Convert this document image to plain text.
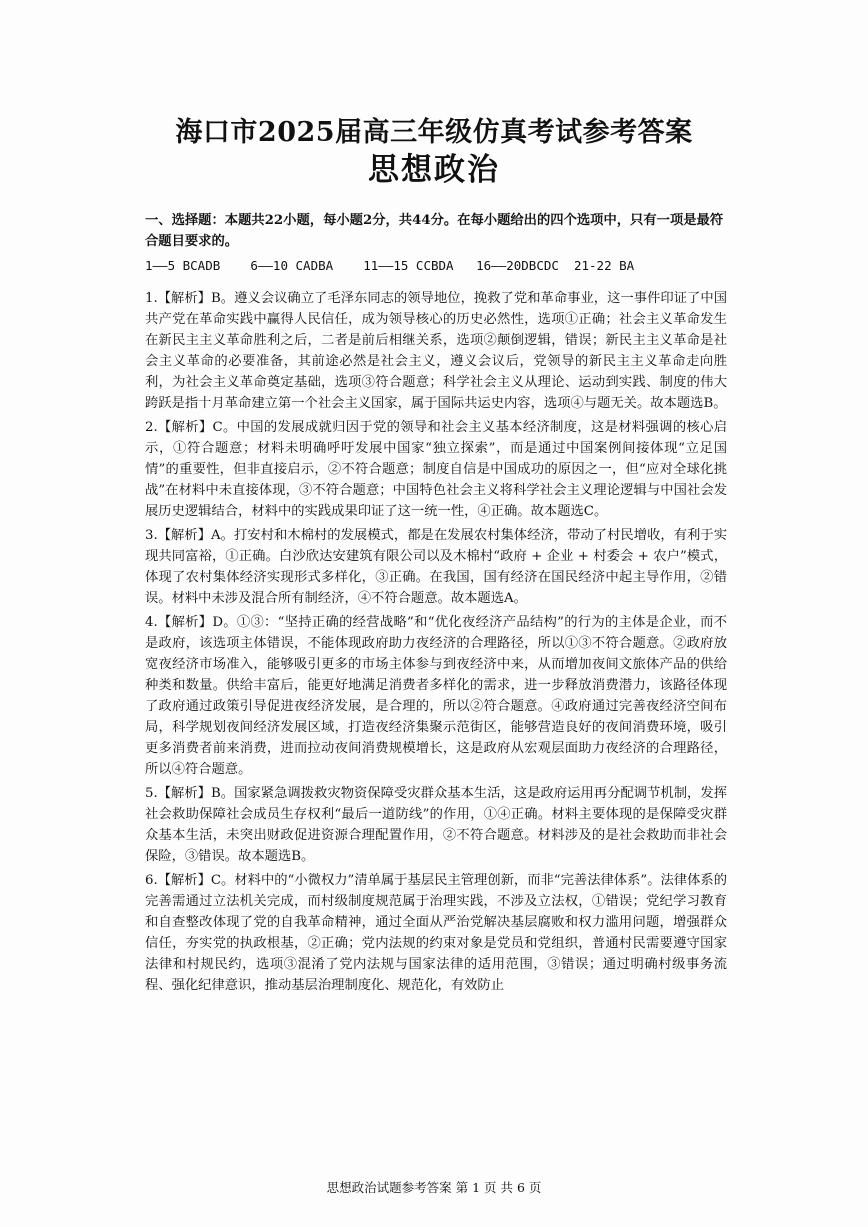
海口市2025届高三年级仿真考试参考答案
思想政治

一、选择题：本题共22小题，每小题2分，共44分。在每小题给出的四个选项中，只有一项是最符合题目要求的。

1——5 BCADB    6——10 CADBA    11——15 CCBDA   16——20DBCDC  21-22 BA

1.【解析】B。遵义会议确立了毛泽东同志的领导地位，挽救了党和革命事业，这一事件印证了中国共产党在革命实践中赢得人民信任，成为领导核心的历史必然性，选项①正确；社会主义革命发生在新民主主义革命胜利之后，二者是前后相继关系，选项②颠倒逻辑，错误；新民主主义革命是社会主义革命的必要准备，其前途必然是社会主义，遵义会议后，党领导的新民主主义革命走向胜利，为社会主义革命奠定基础，选项③符合题意；科学社会主义从理论、运动到实践、制度的伟大跨跃是指十月革命建立第一个社会主义国家，属于国际共运史内容，选项④与题无关。故本题选B。

2.【解析】C。中国的发展成就归因于党的领导和社会主义基本经济制度，这是材料强调的核心启示，①符合题意；材料未明确呼吁发展中国家“独立探索”，而是通过中国案例间接体现“立足国情”的重要性，但非直接启示，②不符合题意；制度自信是中国成功的原因之一，但“应对全球化挑战”在材料中未直接体现，③不符合题意；中国特色社会主义将科学社会主义理论逻辑与中国社会发展历史逻辑结合，材料中的实践成果印证了这一统一性，④正确。故本题选C。

3.【解析】A。打安村和木棉村的发展模式，都是在发展农村集体经济，带动了村民增收，有利于实现共同富裕，①正确。白沙欣达安建筑有限公司以及木棉村“政府 + 企业 + 村委会 + 农户”模式，体现了农村集体经济实现形式多样化，③正确。在我国，国有经济在国民经济中起主导作用，②错误。材料中未涉及混合所有制经济，④不符合题意。故本题选A。

4.【解析】D。①③：“坚持正确的经营战略”和“优化夜经济产品结构”的行为的主体是企业，而不是政府，该选项主体错误，不能体现政府助力夜经济的合理路径，所以①③不符合题意。②政府放宽夜经济市场准入，能够吸引更多的市场主体参与到夜经济中来，从而增加夜间文旅体产品的供给种类和数量。供给丰富后，能更好地满足消费者多样化的需求，进一步释放消费潜力，该路径体现了政府通过政策引导促进夜经济发展，是合理的，所以②符合题意。④政府通过完善夜经济空间布局，科学规划夜间经济发展区域，打造夜经济集聚示范街区，能够营造良好的夜间消费环境，吸引更多消费者前来消费，进而拉动夜间消费规模增长，这是政府从宏观层面助力夜经济的合理路径，所以④符合题意。

5.【解析】B。国家紧急调拨救灾物资保障受灾群众基本生活，这是政府运用再分配调节机制，发挥社会救助保障社会成员生存权利“最后一道防线”的作用，①④正确。材料主要体现的是保障受灾群众基本生活，未突出财政促进资源合理配置作用，②不符合题意。材料涉及的是社会救助而非社会保险，③错误。故本题选B。

6.【解析】C。材料中的“小微权力”清单属于基层民主管理创新，而非“完善法律体系”。法律体系的完善需通过立法机关完成，而村级制度规范属于治理实践，不涉及立法权，①错误；党纪学习教育和自查整改体现了党的自我革命精神，通过全面从严治党解决基层腐败和权力滥用问题，增强群众信任，夯实党的执政根基，②正确；党内法规的约束对象是党员和党组织，普通村民需要遵守国家法律和村规民约，选项③混淆了党内法规与国家法律的适用范围，③错误；通过明确村级事务流程、强化纪律意识，推动基层治理制度化、规范化，有效防止

思想政治试题参考答案 第 1 页 共 6 页
